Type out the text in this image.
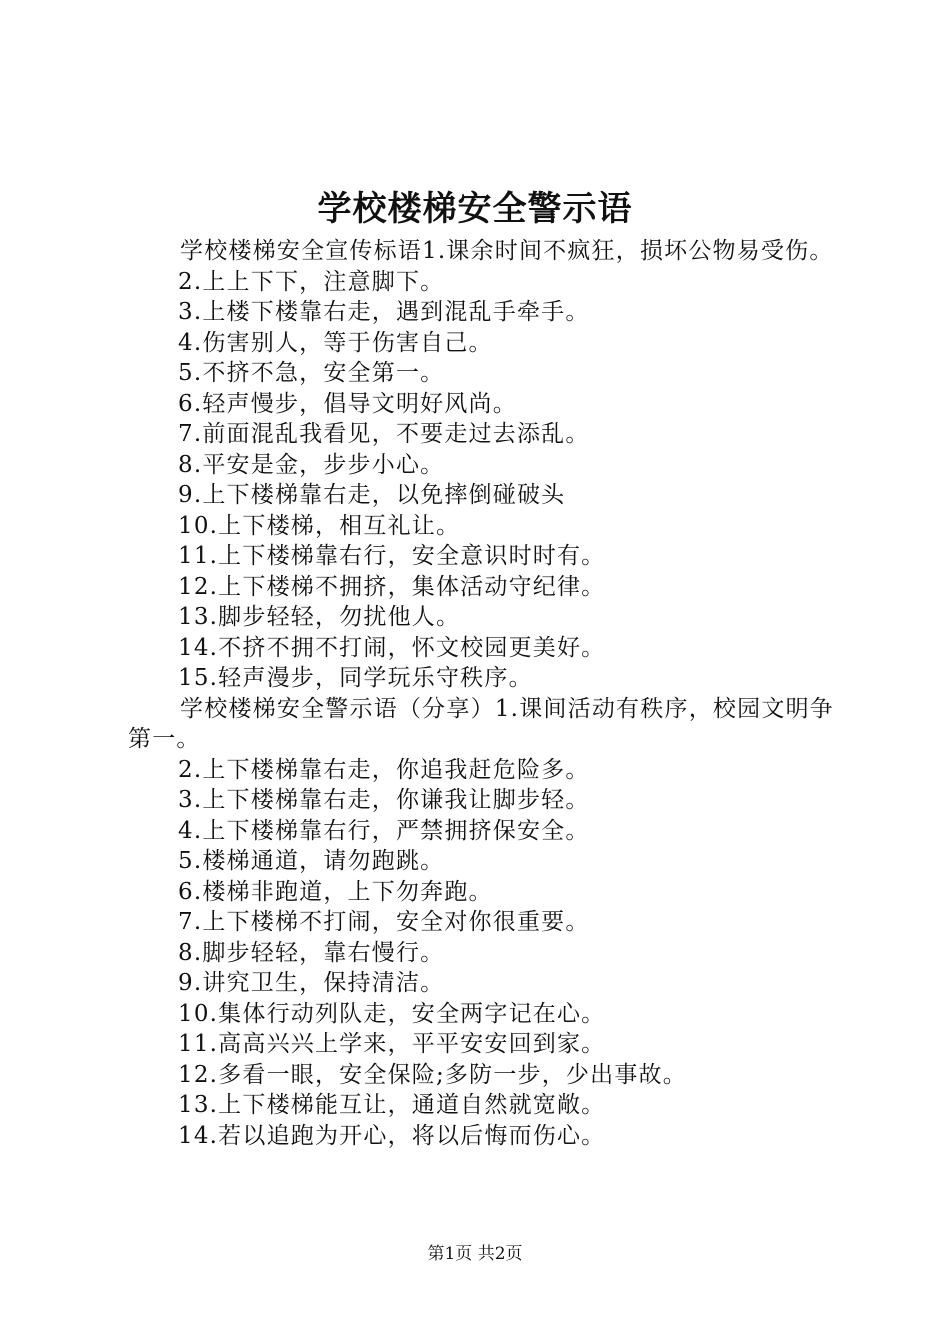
学校楼梯安全警示语

学校楼梯安全宣传标语1.课余时间不疯狂，损坏公物易受伤。

2.上上下下，注意脚下。

3.上楼下楼靠右走，遇到混乱手牵手。

4.伤害别人，等于伤害自己。

5.不挤不急，安全第一。

6.轻声慢步，倡导文明好风尚。

7.前面混乱我看见，不要走过去添乱。

8.平安是金，步步小心。

9.上下楼梯靠右走，以免摔倒碰破头

10.上下楼梯，相互礼让。

11.上下楼梯靠右行，安全意识时时有。

12.上下楼梯不拥挤，集体活动守纪律。

13.脚步轻轻，勿扰他人。

14.不挤不拥不打闹，怀文校园更美好。

15.轻声漫步，同学玩乐守秩序。

学校楼梯安全警示语（分享）1.课间活动有秩序，校园文明争第一。

2.上下楼梯靠右走，你追我赶危险多。

3.上下楼梯靠右走，你谦我让脚步轻。

4.上下楼梯靠右行，严禁拥挤保安全。

5.楼梯通道，请勿跑跳。

6.楼梯非跑道，上下勿奔跑。

7.上下楼梯不打闹，安全对你很重要。

8.脚步轻轻，靠右慢行。

9.讲究卫生，保持清洁。

10.集体行动列队走，安全两字记在心。

11.高高兴兴上学来，平平安安回到家。

12.多看一眼，安全保险;多防一步，少出事故。

13.上下楼梯能互让，通道自然就宽敞。

14.若以追跑为开心，将以后悔而伤心。

第1页 共2页
